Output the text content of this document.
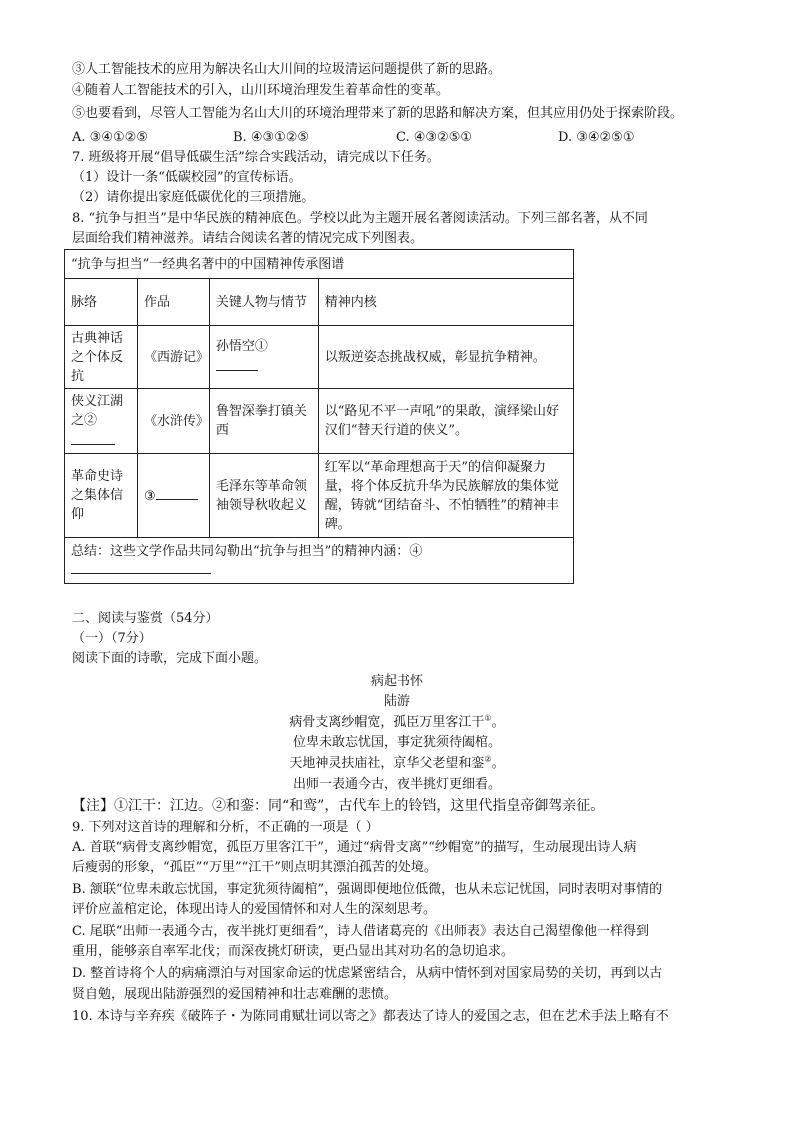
③人工智能技术的应用为解决名山大川间的垃圾清运问题提供了新的思路。
④随着人工智能技术的引入，山川环境治理发生着革命性的变革。
⑤也要看到，尽管人工智能为名山大川的环境治理带来了新的思路和解决方案，但其应用仍处于探索阶段。
A. ③④①②⑤	B. ④③①②⑤	C. ④③②⑤①	D. ③④②⑤①
7. 班级将开展“倡导低碳生活”综合实践活动，请完成以下任务。
（1）设计一条“低碳校园”的宣传标语。
（2）请你提出家庭低碳优化的三项措施。
8. “抗争与担当”是中华民族的精神底色。学校以此为主题开展名著阅读活动。下列三部名著，从不同
层面给我们精神滋养。请结合阅读名著的情况完成下列图表。
“抗争与担当”一经典名著中的中国精神传承图谱			
脉络	作品	关键人物与情节	精神内核
古典神话之个体反抗	《西游记》	孙悟空①	以叛逆姿态挑战权威，彰显抗争精神。
侠义江湖之②	《水浒传》	鲁智深拳打镇关西	以“路见不平一声吼”的果敢，演绎梁山好汉们“替天行道的侠义”。
革命史诗之集体信仰	③	毛泽东等革命领袖领导秋收起义	红军以“革命理想高于天”的信仰凝聚力量，将个体反抗升华为民族解放的集体觉醒，铸就“团结奋斗、不怕牺牲”的精神丰碑。
总结：这些文学作品共同勾勒出“抗争与担当”的精神内涵：④			

二、阅读与鉴赏（54分）
（一）（7分）
阅读下面的诗歌，完成下面小题。
病起书怀
陆游
病骨支离纱帽宽，孤臣万里客江干①。
位卑未敢忘忧国，事定犹须待阖棺。
天地神灵扶庙社，京华父老望和銮②。
出师一表通今古，夜半挑灯更细看。
【注】①江干：江边。②和銮：同“和鸾”，古代车上的铃铛，这里代指皇帝御驾亲征。
9. 下列对这首诗的理解和分析，不正确的一项是（ ）
A. 首联“病骨支离纱帽宽，孤臣万里客江干”，通过“病骨支离”“纱帽宽”的描写，生动展现出诗人病
后瘦弱的形象，“孤臣”“万里”“江干”则点明其漂泊孤苦的处境。
B. 颔联“位卑未敢忘忧国，事定犹须待阖棺”，强调即便地位低微，也从未忘记忧国，同时表明对事情的
评价应盖棺定论，体现出诗人的爱国情怀和对人生的深刻思考。
C. 尾联“出师一表通今古，夜半挑灯更细看”，诗人借诸葛亮的《出师表》表达自己渴望像他一样得到
重用，能够亲自率军北伐；而深夜挑灯研读，更凸显出其对功名的急切追求。
D. 整首诗将个人的病痛漂泊与对国家命运的忧虑紧密结合，从病中情怀到对国家局势的关切，再到以古
贤自勉，展现出陆游强烈的爱国精神和壮志难酬的悲愤。
10. 本诗与辛弃疾《破阵子・为陈同甫赋壮词以寄之》都表达了诗人的爱国之志，但在艺术手法上略有不
